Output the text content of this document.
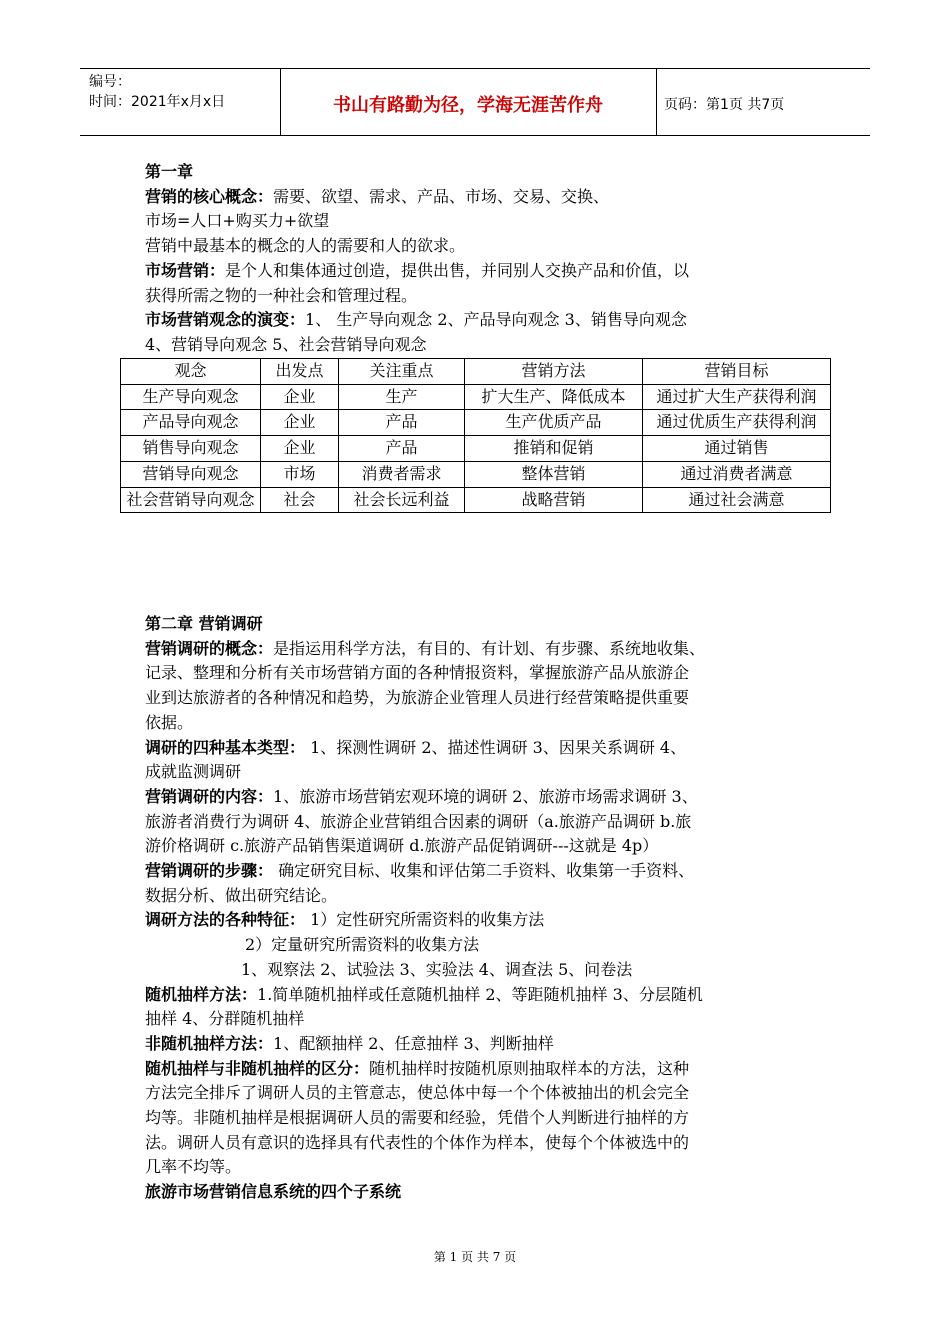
编号：
时间：2021年x月x日	书山有路勤为径，学海无涯苦作舟	页码：第1页 共7页
第一章
营销的核心概念：需要、欲望、需求、产品、市场、交易、交换、
市场=人口+购买力+欲望
营销中最基本的概念的人的需要和人的欲求。
市场营销：是个人和集体通过创造，提供出售，并同别人交换产品和价值，以
获得所需之物的一种社会和管理过程。
市场营销观念的演变：1、 生产导向观念 2、产品导向观念 3、销售导向观念
4、营销导向观念 5、社会营销导向观念
观念	出发点	关注重点	营销方法	营销目标
生产导向观念	企业	生产	扩大生产、降低成本	通过扩大生产获得利润
产品导向观念	企业	产品	生产优质产品	通过优质生产获得利润
销售导向观念	企业	产品	推销和促销	通过销售
营销导向观念	市场	消费者需求	整体营销	通过消费者满意
社会营销导向观念	社会	社会长远利益	战略营销	通过社会满意
第二章 营销调研
营销调研的概念：是指运用科学方法，有目的、有计划、有步骤、系统地收集、
记录、整理和分析有关市场营销方面的各种情报资料，掌握旅游产品从旅游企
业到达旅游者的各种情况和趋势，为旅游企业管理人员进行经营策略提供重要
依据。
调研的四种基本类型： 1、探测性调研 2、描述性调研 3、因果关系调研 4、
成就监测调研
营销调研的内容：1、旅游市场营销宏观环境的调研 2、旅游市场需求调研 3、
旅游者消费行为调研 4、旅游企业营销组合因素的调研（a.旅游产品调研 b.旅
游价格调研 c.旅游产品销售渠道调研 d.旅游产品促销调研---这就是 4p）
营销调研的步骤： 确定研究目标、收集和评估第二手资料、收集第一手资料、
数据分析、做出研究结论。
调研方法的各种特征： 1）定性研究所需资料的收集方法
2）定量研究所需资料的收集方法
1、观察法 2、试验法 3、实验法 4、调查法 5、问卷法
随机抽样方法：1.简单随机抽样或任意随机抽样 2、等距随机抽样 3、分层随机
抽样 4、分群随机抽样
非随机抽样方法：1、配额抽样 2、任意抽样 3、判断抽样
随机抽样与非随机抽样的区分：随机抽样时按随机原则抽取样本的方法，这种
方法完全排斥了调研人员的主管意志，使总体中每一个个体被抽出的机会完全
均等。非随机抽样是根据调研人员的需要和经验，凭借个人判断进行抽样的方
法。调研人员有意识的选择具有代表性的个体作为样本，使每个个体被选中的
几率不均等。
旅游市场营销信息系统的四个子系统
第 1 页 共 7 页
